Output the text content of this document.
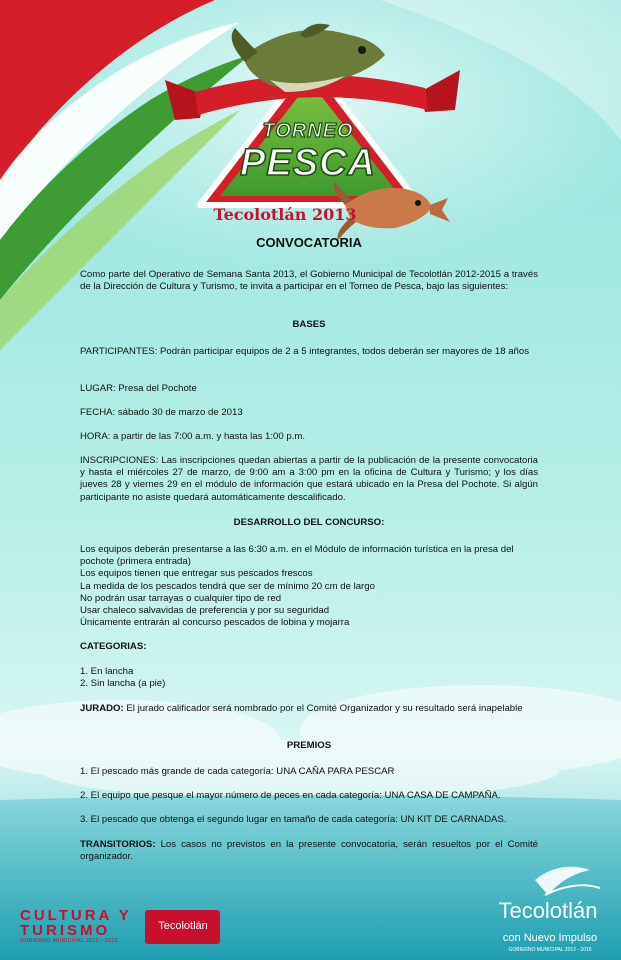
TORNEO
PESCA
Tecolotlán 2013
CONVOCATORIA
Como parte del Operativo de Semana Santa 2013, el Gobierno Municipal de Tecolotlán 2012-2015 a través de la Dirección de Cultura y Turismo, te invita a participar en el Torneo de Pesca, bajo las siguientes:
BASES
PARTICIPANTES: Podrán participar equipos de 2 a 5 integrantes, todos deberán ser mayores de 18 años
LUGAR: Presa del Pochote
FECHA: sábado 30 de marzo de 2013
HORA: a partir de las 7:00 a.m. y hasta las 1:00 p.m.
INSCRIPCIONES: Las inscripciones quedan abiertas a partir de la publicación de la presente convocatoria y hasta el miércoles 27 de marzo, de 9:00 am a 3:00 pm en la oficina de Cultura y Turismo; y los días jueves 28 y viernes 29 en el módulo de información que estará ubicado en la Presa del Pochote. Si algún participante no asiste quedará automáticamente descalificado.
DESARROLLO DEL CONCURSO:
Los equipos deberán presentarse a las 6:30 a.m. en el Módulo de información turística en la presa del pochote (primera entrada)
Los equipos tienen que entregar sus pescados frescos
La medida de los pescados tendrá que ser de mínimo 20 cm de largo
No podrán usar tarrayas o cualquier tipo de red
Usar chaleco salvavidas de preferencia y por su seguridad
Únicamente entrarán al concurso pescados de lobina y mojarra
CATEGORIAS:
1. En lancha
2. Sin lancha (a pie)
JURADO: El jurado calificador será nombrado por el Comité Organizador y su resultado será inapelable
PREMIOS
1. El pescado más grande de cada categoría: UNA CAÑA PARA PESCAR
2. El equipo que pesque el mayor número de peces en cada categoría: UNA CASA DE CAMPAÑA.
3. El pescado que obtenga el segundo lugar en tamaño de cada categoría: UN KIT DE CARNADAS.
TRANSITORIOS: Los casos no previstos en la presente convocatoria, serán resueltos por el Comité organizador.
CULTURA Y
TURISMO
GOBIERNO MUNICIPAL 2012 - 2015
Tecolotlán
Tecolotlán
con Nuevo Impulso
GOBIERNO MUNICIPAL 2012 - 2015
